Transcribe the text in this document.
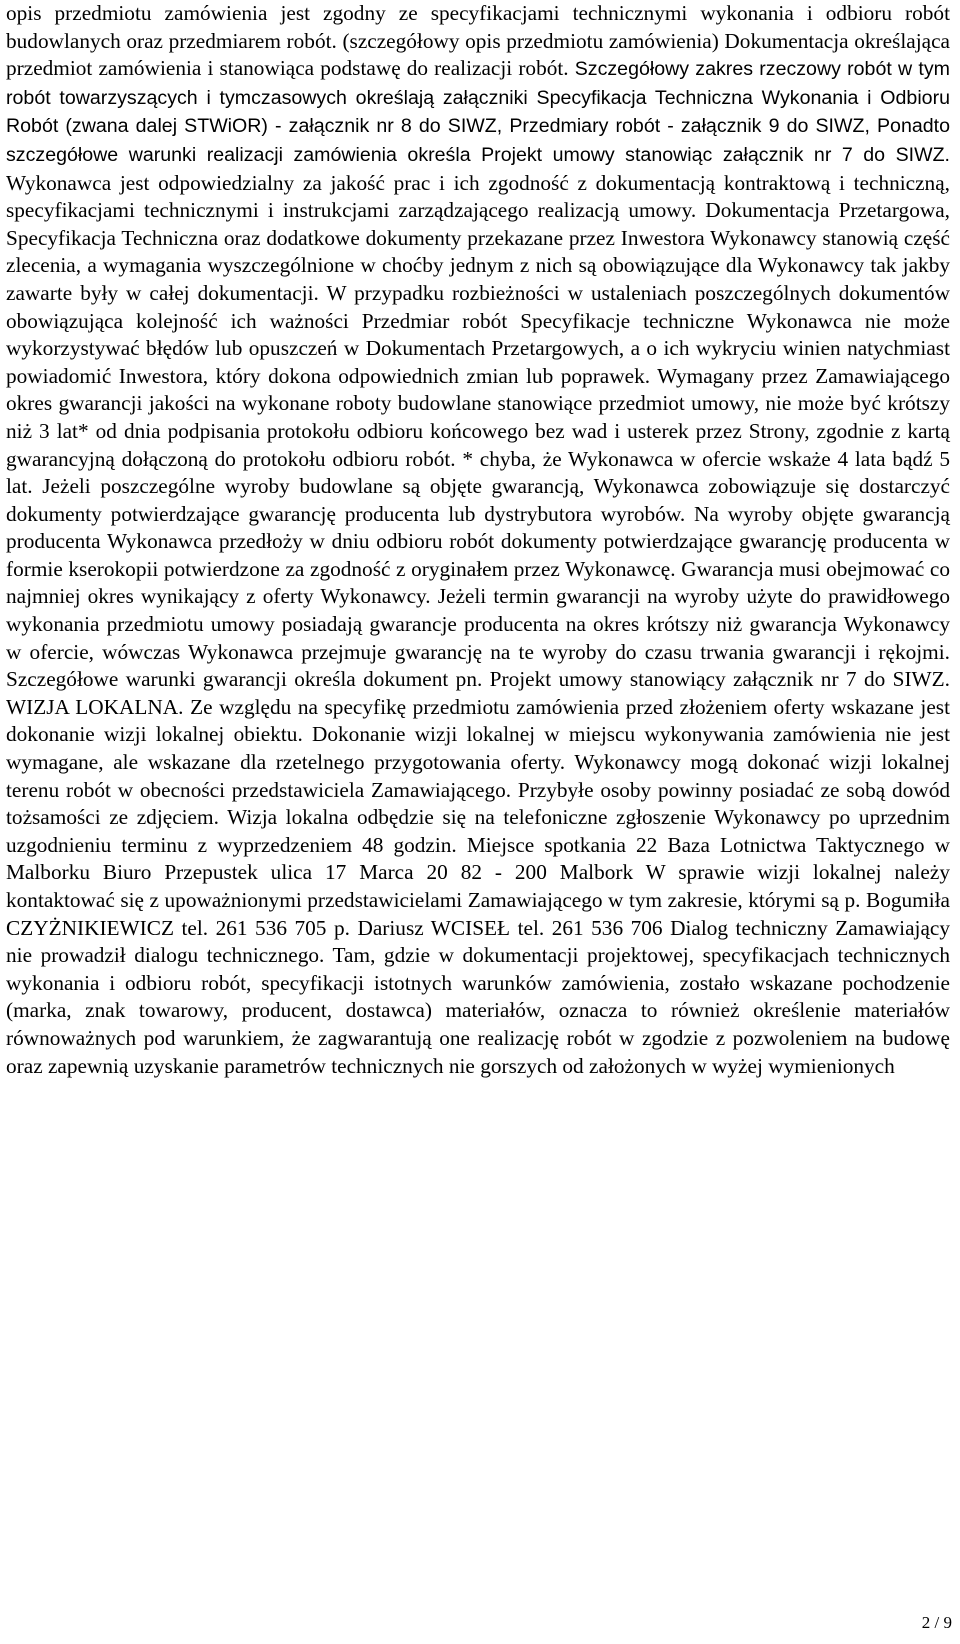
opis przedmiotu zamówienia jest zgodny ze specyfikacjami technicznymi wykonania i odbioru robót budowlanych oraz przedmiarem robót. (szczegółowy opis przedmiotu zamówienia) Dokumentacja określająca przedmiot zamówienia i stanowiąca podstawę do realizacji robót. Szczegółowy zakres rzeczowy robót w tym robót towarzyszących i tymczasowych określają załączniki Specyfikacja Techniczna Wykonania i Odbioru Robót (zwana dalej STWiOR) - załącznik nr 8 do SIWZ, Przedmiary robót - załącznik 9 do SIWZ, Ponadto szczegółowe warunki realizacji zamówienia określa Projekt umowy stanowiąc załącznik nr 7 do SIWZ. Wykonawca jest odpowiedzialny za jakość prac i ich zgodność z dokumentacją kontraktową i techniczną, specyfikacjami technicznymi i instrukcjami zarządzającego realizacją umowy. Dokumentacja Przetargowa, Specyfikacja Techniczna oraz dodatkowe dokumenty przekazane przez Inwestora Wykonawcy stanowią część zlecenia, a wymagania wyszczególnione w choćby jednym z nich są obowiązujące dla Wykonawcy tak jakby zawarte były w całej dokumentacji. W przypadku rozbieżności w ustaleniach poszczególnych dokumentów obowiązująca kolejność ich ważności Przedmiar robót Specyfikacje techniczne Wykonawca nie może wykorzystywać błędów lub opuszczeń w Dokumentach Przetargowych, a o ich wykryciu winien natychmiast powiadomić Inwestora, który dokona odpowiednich zmian lub poprawek. Wymagany przez Zamawiającego okres gwarancji jakości na wykonane roboty budowlane stanowiące przedmiot umowy, nie może być krótszy niż 3 lat* od dnia podpisania protokołu odbioru końcowego bez wad i usterek przez Strony, zgodnie z kartą gwarancyjną dołączoną do protokołu odbioru robót. * chyba, że Wykonawca w ofercie wskaże 4 lata bądź 5 lat. Jeżeli poszczególne wyroby budowlane są objęte gwarancją, Wykonawca zobowiązuje się dostarczyć dokumenty potwierdzające gwarancję producenta lub dystrybutora wyrobów. Na wyroby objęte gwarancją producenta Wykonawca przedłoży w dniu odbioru robót dokumenty potwierdzające gwarancję producenta w formie kserokopii potwierdzone za zgodność z oryginałem przez Wykonawcę. Gwarancja musi obejmować co najmniej okres wynikający z oferty Wykonawcy. Jeżeli termin gwarancji na wyroby użyte do prawidłowego wykonania przedmiotu umowy posiadają gwarancje producenta na okres krótszy niż gwarancja Wykonawcy w ofercie, wówczas Wykonawca przejmuje gwarancję na te wyroby do czasu trwania gwarancji i rękojmi. Szczegółowe warunki gwarancji określa dokument pn. Projekt umowy stanowiący załącznik nr 7 do SIWZ. WIZJA LOKALNA. Ze względu na specyfikę przedmiotu zamówienia przed złożeniem oferty wskazane jest dokonanie wizji lokalnej obiektu. Dokonanie wizji lokalnej w miejscu wykonywania zamówienia nie jest wymagane, ale wskazane dla rzetelnego przygotowania oferty. Wykonawcy mogą dokonać wizji lokalnej terenu robót w obecności przedstawiciela Zamawiającego. Przybyłe osoby powinny posiadać ze sobą dowód tożsamości ze zdjęciem. Wizja lokalna odbędzie się na telefoniczne zgłoszenie Wykonawcy po uprzednim uzgodnieniu terminu z wyprzedzeniem 48 godzin. Miejsce spotkania 22 Baza Lotnictwa Taktycznego w Malborku Biuro Przepustek ulica 17 Marca 20 82 - 200 Malbork W sprawie wizji lokalnej należy kontaktować się z upoważnionymi przedstawicielami Zamawiającego w tym zakresie, którymi są p. Bogumiła CZYŻNIKIEWICZ tel. 261 536 705 p. Dariusz WCISEŁ tel. 261 536 706 Dialog techniczny Zamawiający nie prowadził dialogu technicznego. Tam, gdzie w dokumentacji projektowej, specyfikacjach technicznych wykonania i odbioru robót, specyfikacji istotnych warunków zamówienia, zostało wskazane pochodzenie (marka, znak towarowy, producent, dostawca) materiałów, oznacza to również określenie materiałów równoważnych pod warunkiem, że zagwarantują one realizację robót w zgodzie z pozwoleniem na budowę oraz zapewnią uzyskanie parametrów technicznych nie gorszych od założonych w wyżej wymienionych

2 / 9
